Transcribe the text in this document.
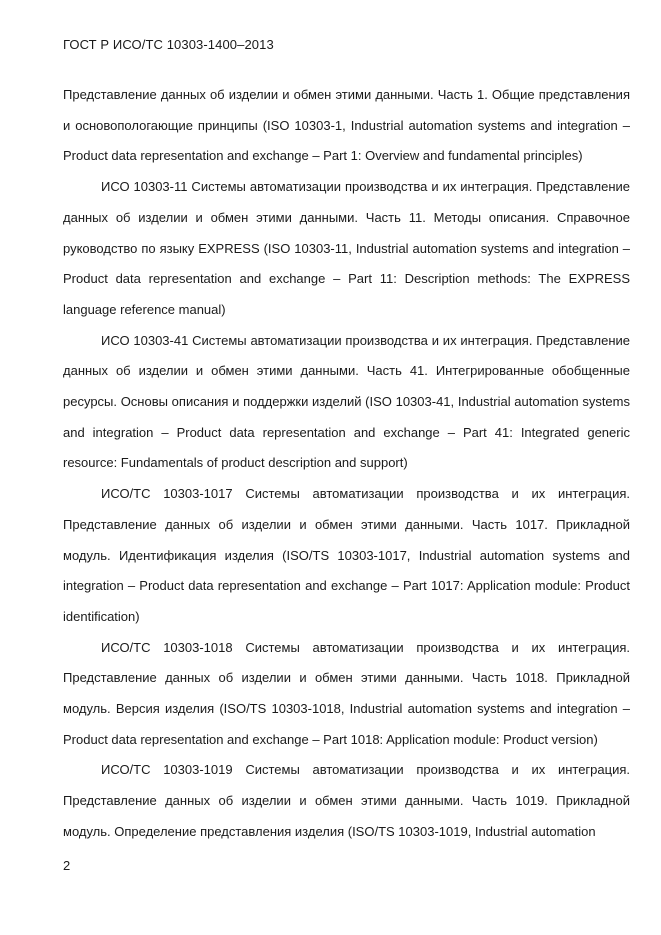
ГОСТ Р ИСО/ТС 10303-1400–2013

Представление данных об изделии и обмен этими данными. Часть 1. Общие представления и основопологающие принципы (ISO 10303-1, Industrial automation systems and integration – Product data representation and exchange – Part 1: Overview and fundamental principles)

ИСО 10303-11 Системы автоматизации производства и их интеграция. Представление данных об изделии и обмен этими данными. Часть 11. Методы описания. Справочное руководство по языку EXPRESS (ISO 10303-11, Industrial automation systems and integration – Product data representation and exchange – Part 11: Description methods: The EXPRESS language reference manual)

ИСО 10303-41 Системы автоматизации производства и их интеграция. Представление данных об изделии и обмен этими данными. Часть 41. Интегрированные обобщенные ресурсы. Основы описания и поддержки изделий (ISO 10303-41, Industrial automation systems and integration – Product data representation and exchange – Part 41: Integrated generic resource: Fundamentals of product description and support)

ИСО/ТС 10303-1017 Системы автоматизации производства и их интеграция. Представление данных об изделии и обмен этими данными. Часть 1017. Прикладной модуль. Идентификация изделия (ISO/TS 10303-1017, Industrial automation systems and integration – Product data representation and exchange – Part 1017: Application module: Product identification)

ИСО/ТС 10303-1018 Системы автоматизации производства и их интеграция. Представление данных об изделии и обмен этими данными. Часть 1018. Прикладной модуль. Версия изделия (ISO/TS 10303-1018, Industrial automation systems and integration – Product data representation and exchange – Part 1018: Application module: Product version)

ИСО/ТС 10303-1019 Системы автоматизации производства и их интеграция. Представление данных об изделии и обмен этими данными. Часть 1019. Прикладной модуль. Определение представления изделия (ISO/TS 10303-1019, Industrial automation

2
